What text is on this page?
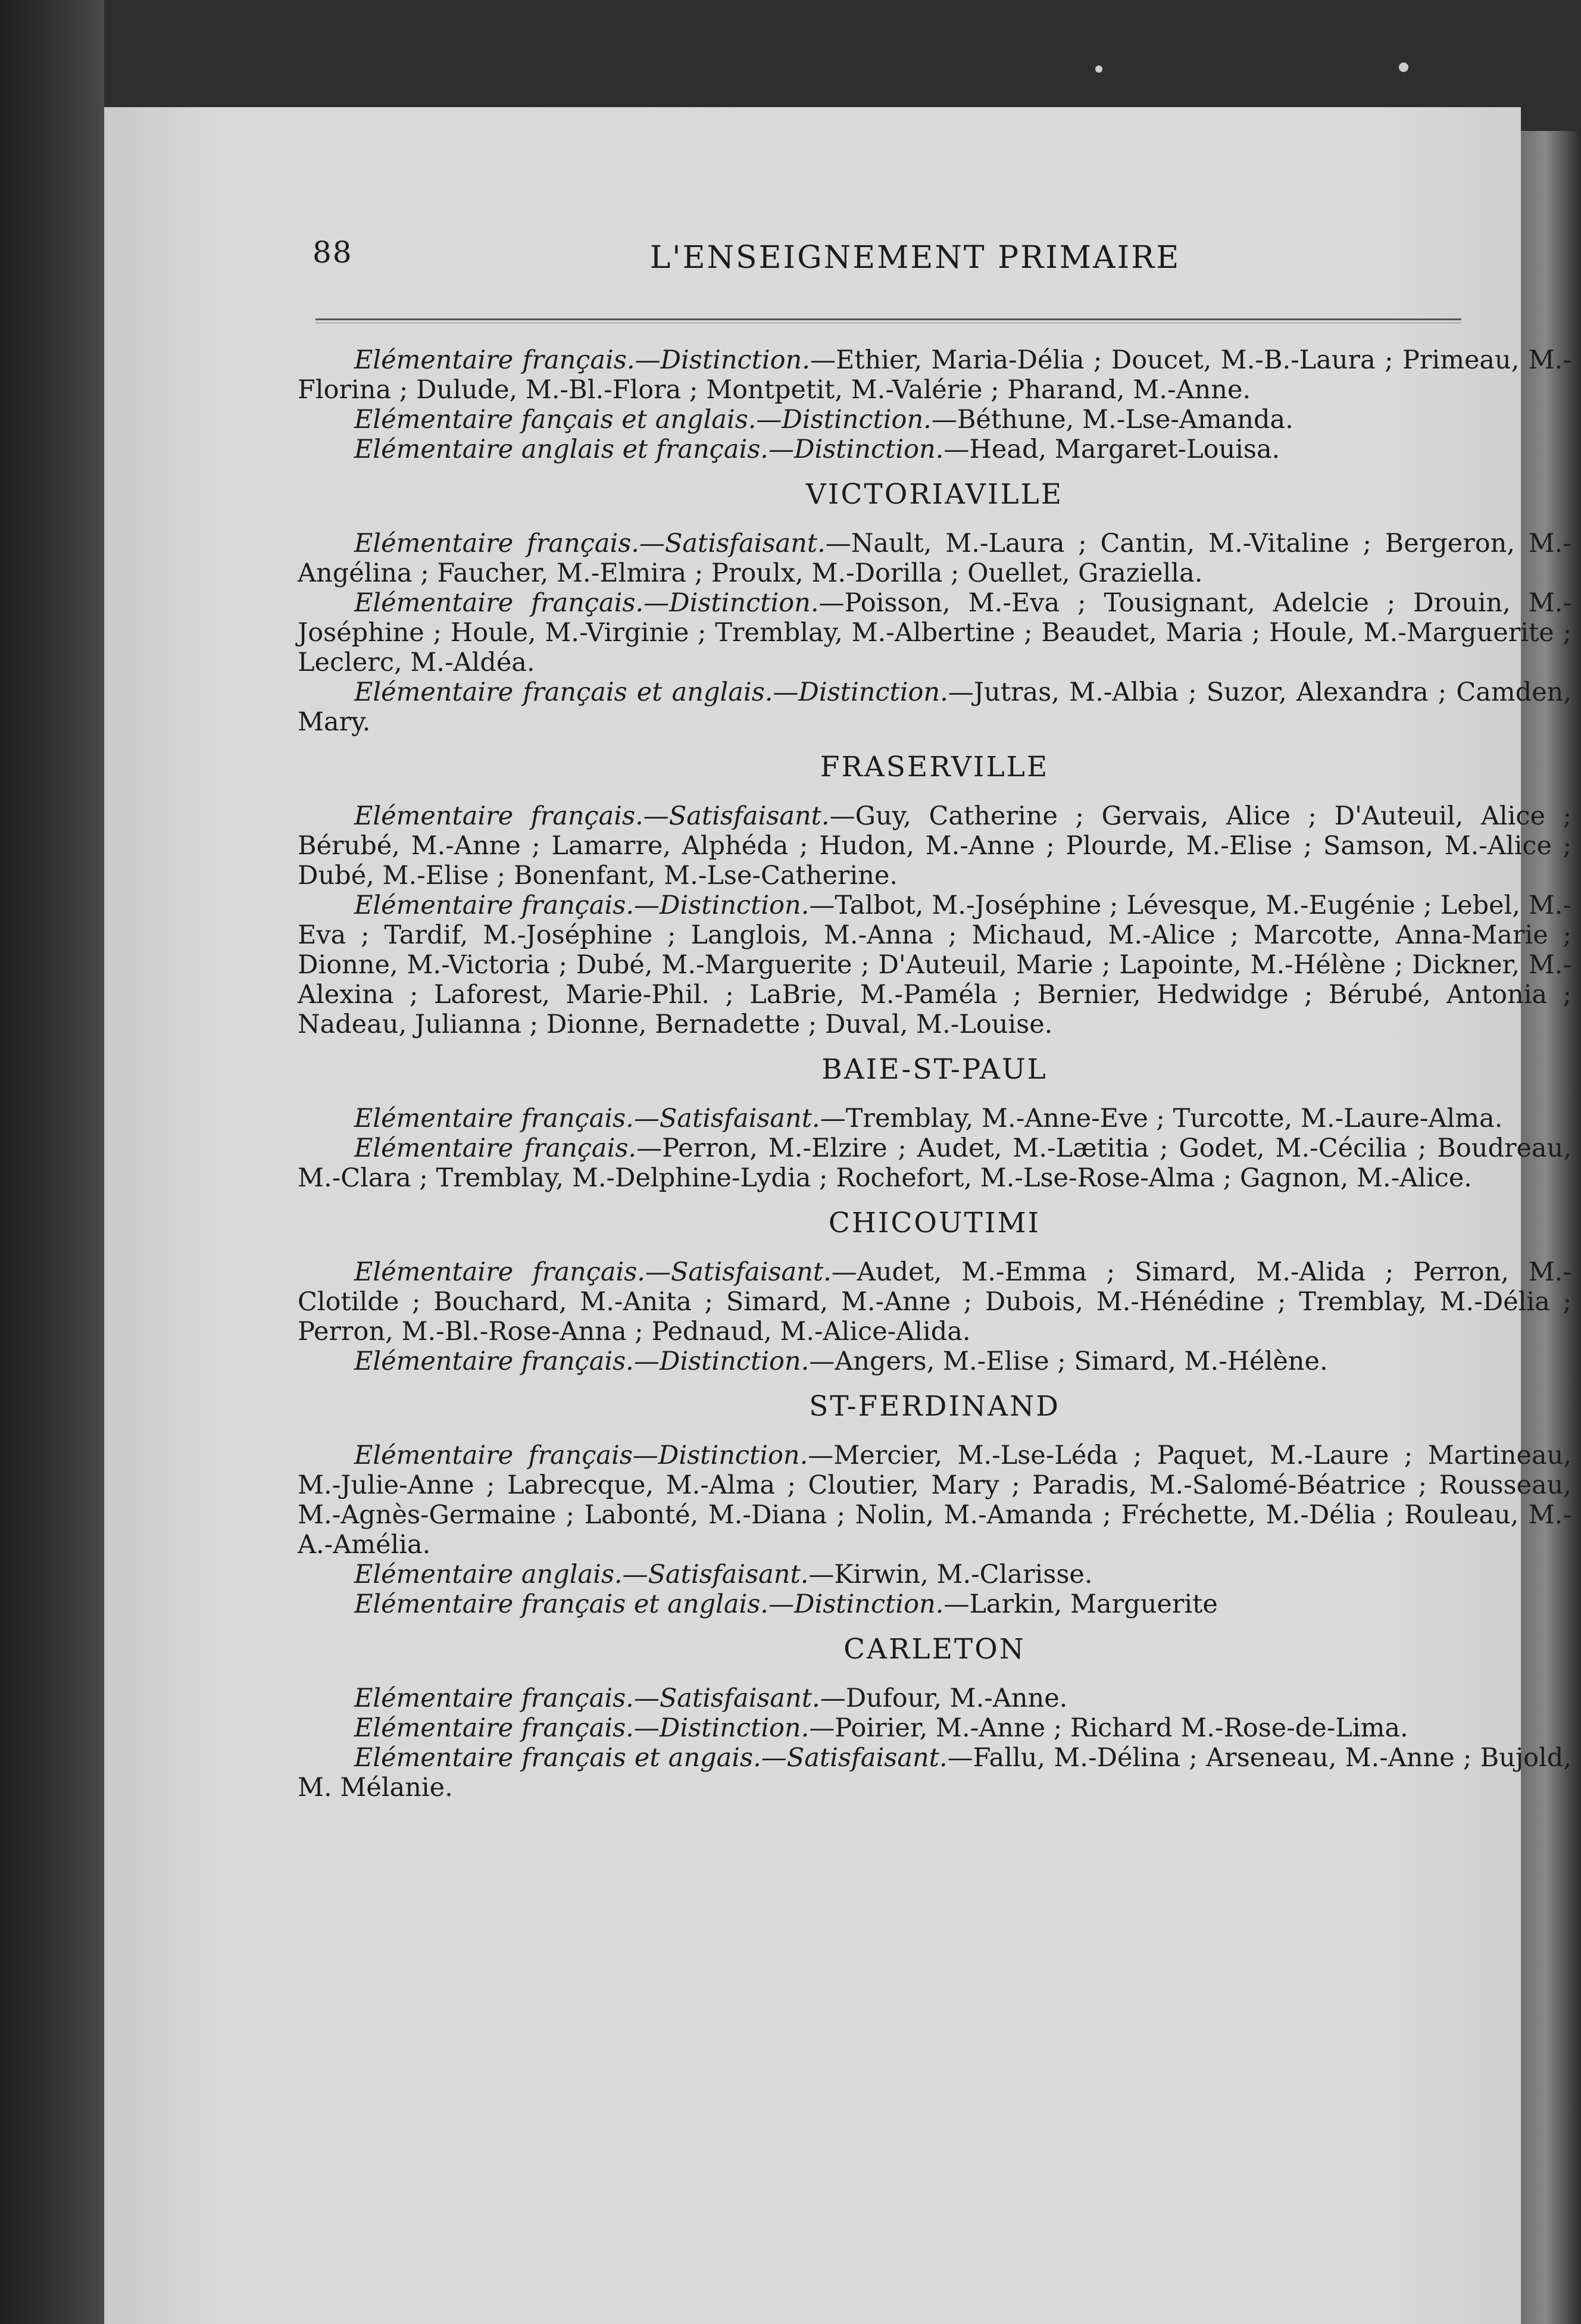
88	L'ENSEIGNEMENT PRIMAIRE

Elémentaire français.—Distinction.—Ethier, Maria-Délia ; Doucet, M.-B.-Laura ; Primeau, M.-Florina ; Dulude, M.-Bl.-Flora ; Montpetit, M.-Valérie ; Pharand, M.-Anne.

Elémentaire fançais et anglais.—Distinction.—Béthune, M.-Lse-Amanda.

Elémentaire anglais et français.—Distinction.—Head, Margaret-Louisa.

VICTORIAVILLE

Elémentaire français.—Satisfaisant.—Nault, M.-Laura ; Cantin, M.-Vitaline ; Bergeron, M.-Angélina ; Faucher, M.-Elmira ; Proulx, M.-Dorilla ; Ouellet, Graziella.

Elémentaire français.—Distinction.—Poisson, M.-Eva ; Tousignant, Adelcie ; Drouin, M.-Joséphine ; Houle, M.-Virginie ; Tremblay, M.-Albertine ; Beaudet, Maria ; Houle, M.-Marguerite ; Leclerc, M.-Aldéa.

Elémentaire français et anglais.—Distinction.—Jutras, M.-Albia ; Suzor, Alexandra ; Camden, Mary.

FRASERVILLE

Elémentaire français.—Satisfaisant.—Guy, Catherine ; Gervais, Alice ; D'Auteuil, Alice ; Bérubé, M.-Anne ; Lamarre, Alphéda ; Hudon, M.-Anne ; Plourde, M.-Elise ; Samson, M.-Alice ; Dubé, M.-Elise ; Bonenfant, M.-Lse-Catherine.

Elémentaire français.—Distinction.—Talbot, M.-Joséphine ; Lévesque, M.-Eugénie ; Lebel, M.-Eva ; Tardif, M.-Joséphine ; Langlois, M.-Anna ; Michaud, M.-Alice ; Marcotte, Anna-Marie ; Dionne, M.-Victoria ; Dubé, M.-Marguerite ; D'Auteuil, Marie ; Lapointe, M.-Hélène ; Dickner, M.-Alexina ; Laforest, Marie-Phil. ; LaBrie, M.-Paméla ; Bernier, Hedwidge ; Bérubé, Antonia ; Nadeau, Julianna ; Dionne, Bernadette ; Duval, M.-Louise.

BAIE-ST-PAUL

Elémentaire français.—Satisfaisant.—Tremblay, M.-Anne-Eve ; Turcotte, M.-Laure-Alma.

Elémentaire français.—Perron, M.-Elzire ; Audet, M.-Lætitia ; Godet, M.-Cécilia ; Boudreau, M.-Clara ; Tremblay, M.-Delphine-Lydia ; Rochefort, M.-Lse-Rose-Alma ; Gagnon, M.-Alice.

CHICOUTIMI

Elémentaire français.—Satisfaisant.—Audet, M.-Emma ; Simard, M.-Alida ; Perron, M.-Clotilde ; Bouchard, M.-Anita ; Simard, M.-Anne ; Dubois, M.-Hénédine ; Tremblay, M.-Délia ; Perron, M.-Bl.-Rose-Anna ; Pednaud, M.-Alice-Alida.

Elémentaire français.—Distinction.—Angers, M.-Elise ; Simard, M.-Hélène.

ST-FERDINAND

Elémentaire français—Distinction.—Mercier, M.-Lse-Léda ; Paquet, M.-Laure ; Martineau, M.-Julie-Anne ; Labrecque, M.-Alma ; Cloutier, Mary ; Paradis, M.-Salomé-Béatrice ; Rousseau, M.-Agnès-Germaine ; Labonté, M.-Diana ; Nolin, M.-Amanda ; Fréchette, M.-Délia ; Rouleau, M.-A.-Amélia.

Elémentaire anglais.—Satisfaisant.—Kirwin, M.-Clarisse.

Elémentaire français et anglais.—Distinction.—Larkin, Marguerite

CARLETON

Elémentaire français.—Satisfaisant.—Dufour, M.-Anne.

Elémentaire français.—Distinction.—Poirier, M.-Anne ; Richard M.-Rose-de-Lima.

Elémentaire français et angais.—Satisfaisant.—Fallu, M.-Délina ; Arseneau, M.-Anne ; Bujold, M. Mélanie.
